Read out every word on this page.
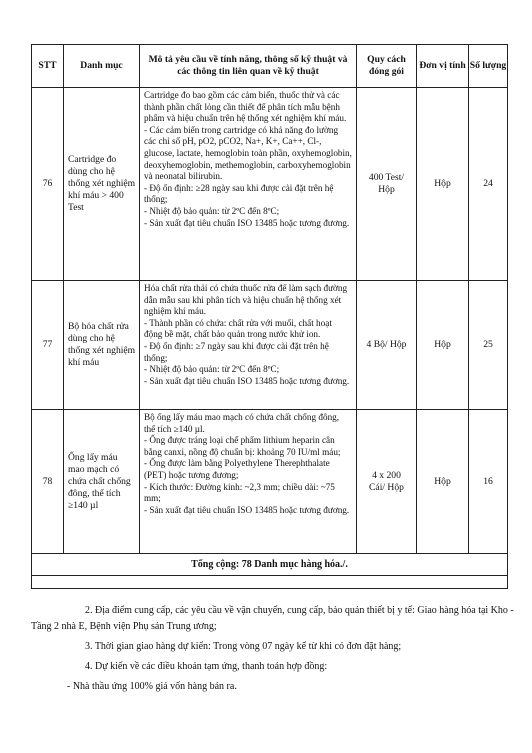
STT	Danh mục	Mô tả yêu cầu về tính năng, thông số kỹ thuật và các thông tin liên quan về kỹ thuật	Quy cách đóng gói	Đơn vị tính	Số lượng
76	Cartridge đo dùng cho hệ thống xét nghiệm khí máu > 400 Test	Cartridge đo bao gồm các cảm biến, thuốc thử và các thành phần chất lỏng cần thiết để phân tích mẫu bệnh phẩm và hiệu chuẩn trên hệ thống xét nghiệm khí máu.
- Các cảm biến trong cartridge có khả năng đo lường các chỉ số pH, pO2, pCO2, Na+, K+, Ca++, Cl-, glucose, lactate, hemoglobin toàn phần, oxyhemoglobin, deoxyhemoglobin, methemoglobin, carboxyhemoglobin và neonatal bilirubin.
- Độ ổn định: ≥28 ngày sau khi được cài đặt trên hệ thống;
- Nhiệt độ bảo quản: từ 2ºC đến 8ºC;
- Sản xuất đạt tiêu chuẩn ISO 13485 hoặc tương đương.	400 Test/ Hộp	Hộp	24
77	Bộ hóa chất rửa dùng cho hệ thống xét nghiệm khí máu	Hóa chất rửa thải có chứa thuốc rửa để làm sạch đường dẫn mẫu sau khi phân tích và hiệu chuẩn hệ thống xét nghiệm khí máu.
- Thành phần có chứa: chất rửa với muối, chất hoạt động bề mặt, chất bảo quản trong nước khử ion.
- Độ ổn định: ≥7 ngày sau khi được cài đặt trên hệ thống;
- Nhiệt độ bảo quản: từ 2ºC đến 8ºC;
- Sản xuất đạt tiêu chuẩn ISO 13485 hoặc tương đương.	4 Bộ/ Hộp	Hộp	25
78	Ống lấy máu mao mạch có chứa chất chống đông, thể tích ≥140 µl	Bộ ống lấy máu mao mạch có chứa chất chống đông, thể tích ≥140 µl.
- Ống được tráng loại chế phẩm lithium heparin cân bằng canxi, nồng độ chuẩn bị: khoảng 70 IU/ml máu;
- Ống được làm bằng Polyethylene Therephthalate (PET) hoặc tương đương;
- Kích thước: Đường kính: ~2,3 mm; chiều dài: ~75 mm;
- Sản xuất đạt tiêu chuẩn ISO 13485 hoặc tương đương.	4 x 200 Cái/ Hộp	Hộp	16
Tổng cộng: 78 Danh mục hàng hóa./.					

2. Địa điểm cung cấp, các yêu cầu về vận chuyển, cung cấp, bảo quản thiết bị y tế: Giao hàng hóa tại Kho - Tầng 2 nhà E, Bệnh viện Phụ sản Trung ương;

3. Thời gian giao hàng dự kiến: Trong vòng 07 ngày kể từ khi có đơn đặt hàng;

4. Dự kiến về các điều khoản tạm ứng, thanh toán hợp đồng:

- Nhà thầu ứng 100% giá vốn hàng bán ra.
